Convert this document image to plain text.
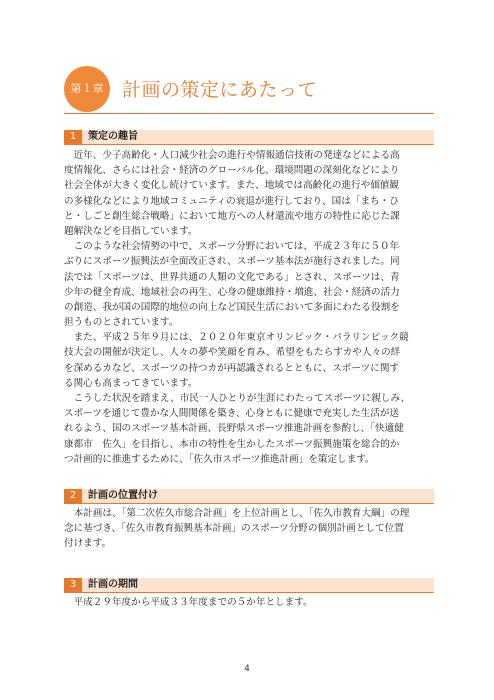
第１章 計画の策定にあたって
1	策定の趣旨
　近年、少子高齢化・人口減少社会の進行や情報通信技術の発達などによる高
度情報化、さらには社会・経済のグローバル化、環境問題の深刻化などにより
社会全体が大きく変化し続けています。また、地域では高齢化の進行や価値観
の多様化などにより地域コミュニティの衰退が進行しており、国は「まち・ひ
と・しごと創生総合戦略」において地方への人材還流や地方の特性に応じた課
題解決などを目指しています。
　このような社会情勢の中で、スポーツ分野においては、平成２３年に５０年
ぶりにスポーツ振興法が全面改正され、スポーツ基本法が施行されました。同
法では「スポーツは、世界共通の人類の文化である」とされ、スポーツは、青
少年の健全育成、地域社会の再生、心身の健康維持・増進、社会・経済の活力
の創造、我が国の国際的地位の向上など国民生活において多面にわたる役割を
担うものとされています。
　また、平成２５年９月には、２０２０年東京オリンピック・パラリンピック競
技大会の開催が決定し、人々の夢や笑顔を育み、希望をもたらすカや人々の絆
を深めるカなど、スポーツの持つカが再認識されるとともに、スポーツに関す
る関心も高まってきています。
　こうした状況を踏まえ、市民一人ひとりが生涯にわたってスポーツに親しみ、
スポーツを通じて豊かな人間関係を築き、心身ともに健康で充実した生活が送
れるよう、国のスポーツ基本計画、長野県スポーツ推進計画を参酌し、「快適健
康都市　佐久」を目指し、本市の特性を生かしたスポーツ振興施策を総合的か
つ計画的に推進するために、「佐久市スポーツ推進計画」を策定します。
2	計画の位置付け
　本計画は、「第二次佐久市総合計画」を上位計画とし、「佐久市教育大綱」の理
念に基づき、「佐久市教育振興基本計画」のスポーツ分野の個別計画として位置
付けます。
3	計画の期間
　平成２９年度から平成３３年度までの５か年とします。
4
